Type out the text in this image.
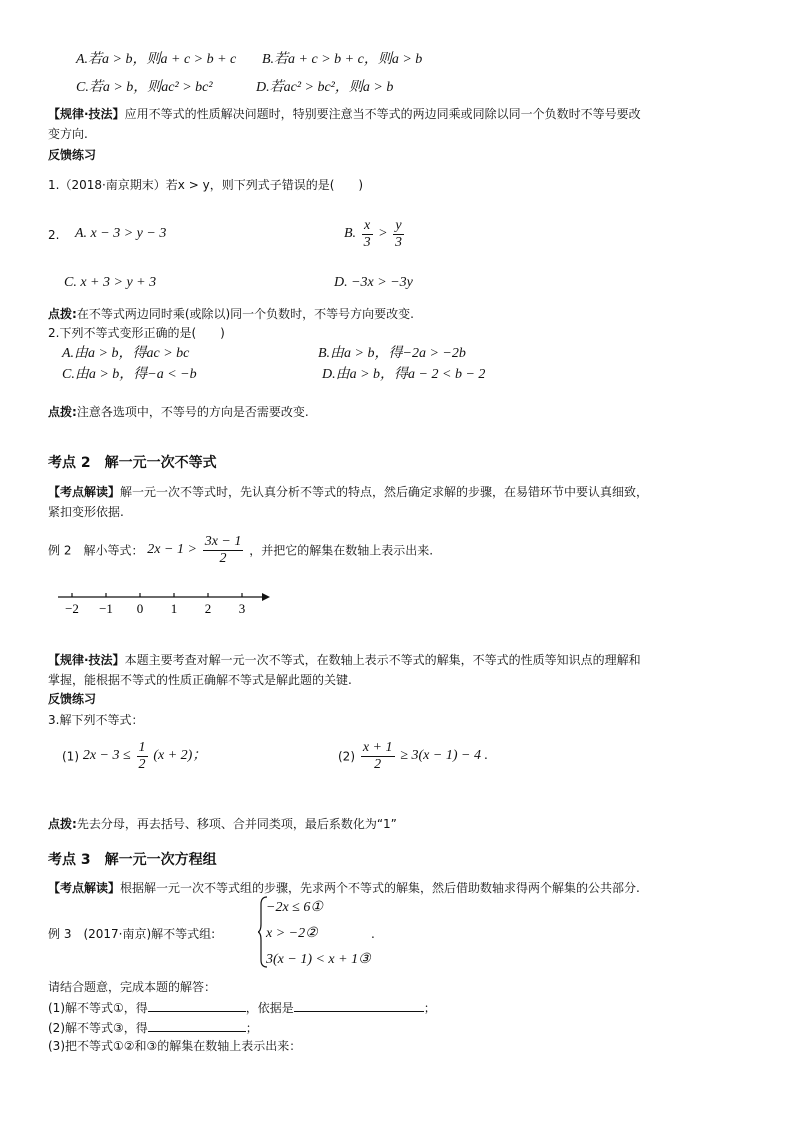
A.若a > b，则a + c > b + c B.若a + c > b + c，则a > b
C.若a > b，则ac² > bc²	D.若ac² > bc²，则a > b
【规律·技法】应用不等式的性质解决问题时，特别要注意当不等式的两边同乘或同除以同一个负数时不等号要改
变方向.
反馈练习
1.（2018·南京期末）若x > y，则下列式子错误的是(　　)
2. A. x − 3 > y − 3	B. $\frac{x}{3} > \frac{y}{3}$
C. x + 3 > y + 3	D. −3x > −3y
点拨:在不等式两边同时乘(或除以)同一个负数时，不等号方向要改变.
2.下列不等式变形正确的是(　　)
A.由a > b，得ac > bc	B.由a > b，得−2a > −2b
C.由a > b，得−a < −b	D.由a > b，得a − 2 < b − 2
点拨:注意各选项中，不等号的方向是否需要改变.
考点 2　解一元一次不等式
【考点解读】解一元一次不等式时，先认真分析不等式的特点，然后确定求解的步骤，在易错环节中要认真细致，
紧扣变形依据.
例 2　解小等式： $2x - 1 > \frac{3x - 1}{2}$ ，并把它的解集在数轴上表示出来.
−2 −1 0 1 2 3
【规律·技法】本题主要考查对解一元一次不等式，在数轴上表示不等式的解集，不等式的性质等知识点的理解和
掌握，能根据不等式的性质正确解不等式是解此题的关键.
反馈练习
3.解下列不等式：
(1) $2x - 3 \le \frac{1}{2} (x + 2)$；	$(2) \frac{x + 1}{2} \ge 3(x - 1) - 4$ .
点拨:先去分母，再去括号、移项、合并同类项，最后系数化为“1”
考点 3　解一元一次方程组
【考点解读】根据解一元一次不等式组的步骤，先求两个不等式的解集，然后借助数轴求得两个解集的公共部分.
例 3　(2017·南京)解不等式组:
−2x ≤ 6①
x > −2②
3(x − 1) < x + 1③
.
请结合题意，完成本题的解答：
(1)解不等式①，得	，依据是	；
(2)解不等式③，得	；
(3)把不等式①②和③的解集在数轴上表示出来：
